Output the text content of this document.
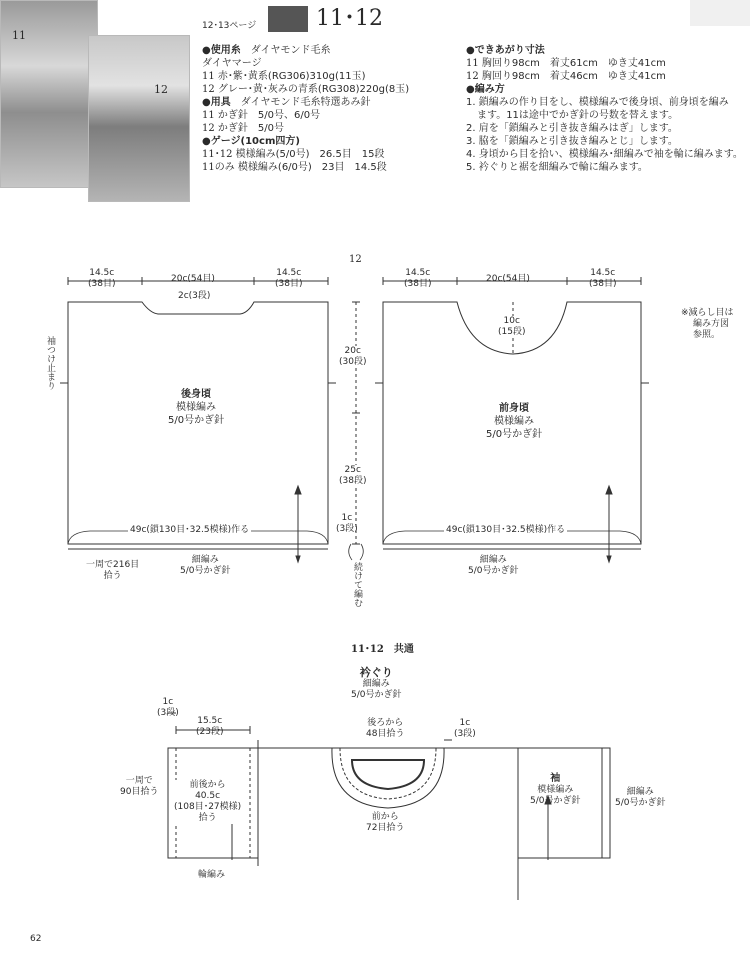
11
12
12･13ページ	11･12
●使用糸　 ダイヤモンド毛糸
ダイヤマージ
11 赤･紫･黄系(RG306)310g(11玉)
12 グレー･黄･灰みの青系(RG308)220g(8玉)
●用具　 ダイヤモンド毛糸特選あみ針
11 かぎ針　5/0号、6/0号
12 かぎ針　5/0号
●ゲージ(10cm四方)
11･12 模様編み(5/0号)　26.5目　15段
11のみ 模様編み(6/0号)　23目　14.5段
●できあがり寸法
11 胸回り98cm　着丈61cm　ゆき丈41cm
12 胸回り98cm　着丈46cm　ゆき丈41cm
●編み方
1. 鎖編みの作り目をし、模様編みで後身頃、前身頃を編み
ます。11は途中でかぎ針の号数を替えます。
2. 肩を「鎖編みと引き抜き編みはぎ」します。
3. 脇を「鎖編みと引き抜き編みとじ」します。
4. 身頃から目を拾い、模様編み･細編みで袖を輪に編みます。
5. 衿ぐりと裾を細編みで輪に編みます。
12
14.5c
(38目)	20c(54目)
14.5c
(38目)
2c(3段)
袖つけ止まり
後身頃
模様編み
5/0号かぎ針
49c(鎖130目･32.5模様)作る
一周で216目
拾う
細編み
5/0号かぎ針
20c
(30段)
25c
(38段)
1c
(3段)
続けて編む
14.5c
(38目)	20c(54目)
14.5c
(38目)
10c
(15段)
前身頃
模様編み
5/0号かぎ針
49c(鎖130目･32.5模様)作る
細編み
5/0号かぎ針
※減らし目は
編み方図
参照。
11･12　共通
衿ぐり
細編み
5/0号かぎ針
後ろから
48目拾う
前から
72目拾う
1c
(3段)
15.5c
(23段)
一周で
90目拾う
前後から
40.5c
(108目･27模様)
拾う
輪編み
1c
(3段)
袖
模様編み
5/0号かぎ針
細編み
5/0号かぎ針
62
